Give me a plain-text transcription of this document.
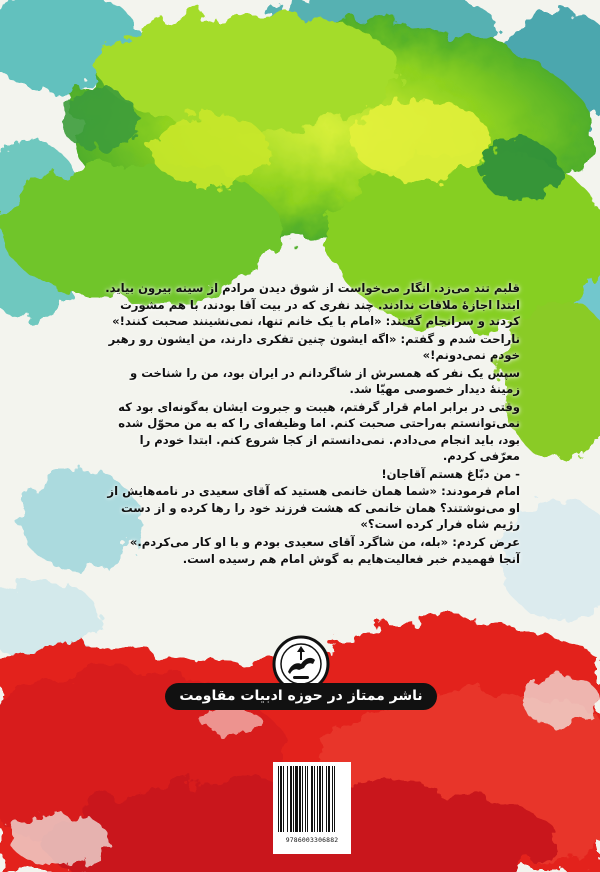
قلبم تند می‌زد. انگار می‌خواست از شوق دیدن مرادم از سینه بیرون بیاید. ابتدا اجازهٔ ملاقات ندادند. چند نفری که در بیت آقا بودند، با هم مشورت کردند و سرانجام گفتند: «امام با یک خانم تنها، نمی‌نشینند صحبت کنند!»

ناراحت شدم و گفتم: «اگه ایشون چنین تفکری دارند، من ایشون رو رهبر خودم نمی‌دونم!»

سپس یک نفر که همسرش از شاگردانم در ایران بود، من را شناخت و زمینهٔ دیدار خصوصی مهیّا شد.

وقتی در برابر امام قرار گرفتم، هیبت و جبروت ایشان به‌گونه‌ای بود که نمی‌توانستم به‌راحتی صحبت کنم. اما وظیفه‌ای را که به من محوّل شده بود، باید انجام می‌دادم. نمی‌دانستم از کجا شروع کنم. ابتدا خودم را معرّفی کردم.

- من دبّاغ هستم آقاجان!

امام فرمودند: «شما همان خانمی هستید که آقای سعیدی در نامه‌هایش از او می‌نوشتند؟ همان خانمی که هشت فرزند خود را رها کرده و از دست رژیم شاه فرار کرده است؟»

عرض کردم: «بله، من شاگرد آقای سعیدی بودم و با او کار می‌کردم.»

آنجا فهمیدم خبر فعالیت‌هایم به گوش امام هم رسیده است.

ناشر ممتاز در حوزه ادبیات مقاومت
9786003306882
